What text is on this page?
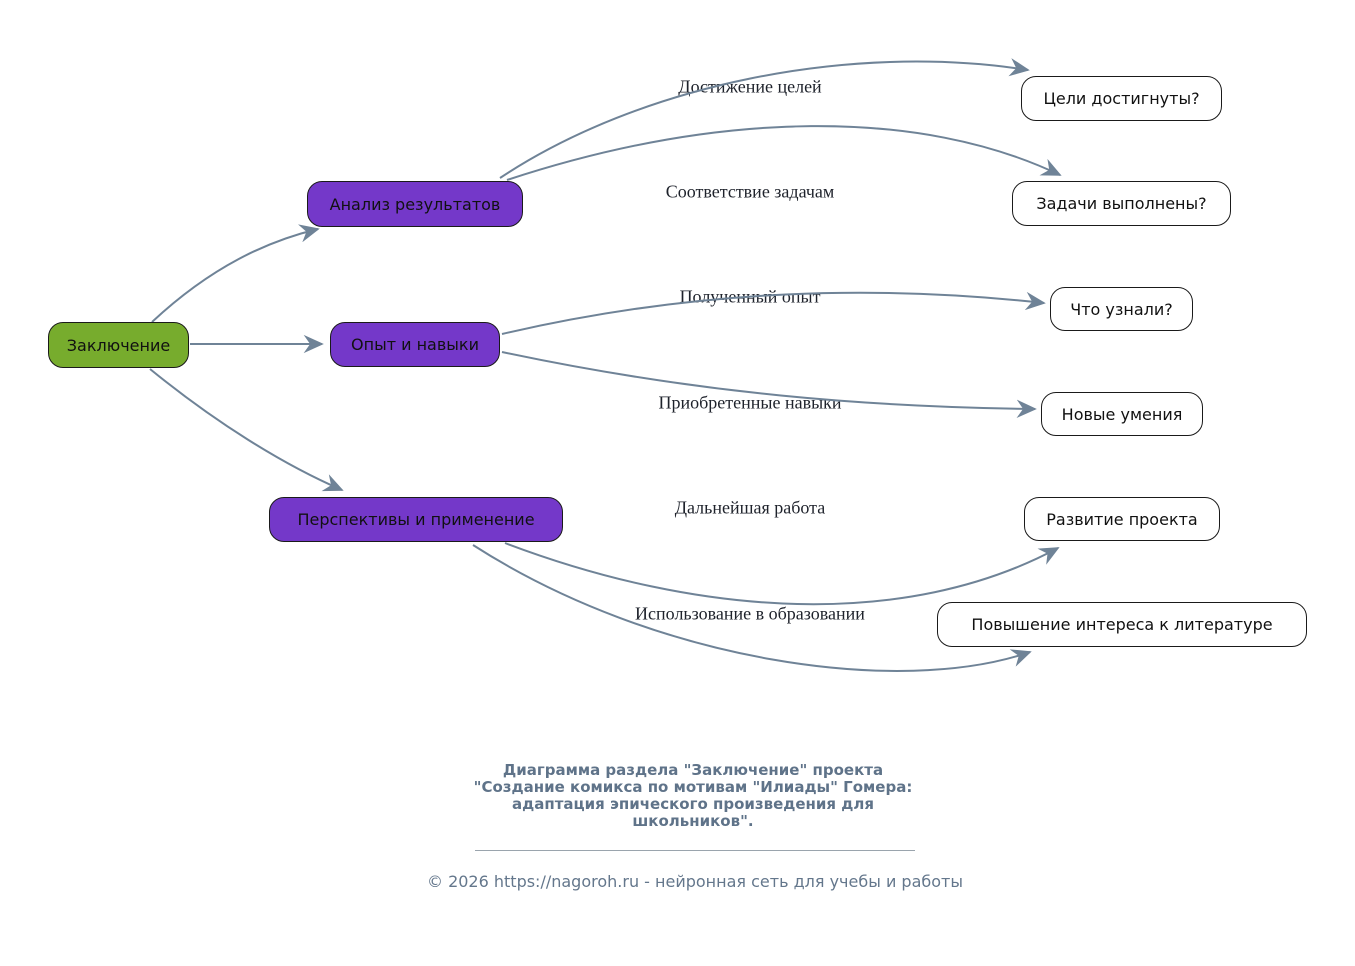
Достижение целей
Соответствие задачам
Полученный опыт
Приобретенные навыки
Дальнейшая работа
Использование в образовании
Заключение
Анализ результатов
Опыт и навыки
Перспективы и применение
Цели достигнуты?
Задачи выполнены?
Что узнали?
Новые умения
Развитие проекта
Повышение интереса к литературе
Диаграмма раздела "Заключение" проекта
"Создание комикса по мотивам "Илиады" Гомера:
адаптация эпического произведения для
школьников".
© 2026 https://nagoroh.ru - нейронная сеть для учебы и работы
